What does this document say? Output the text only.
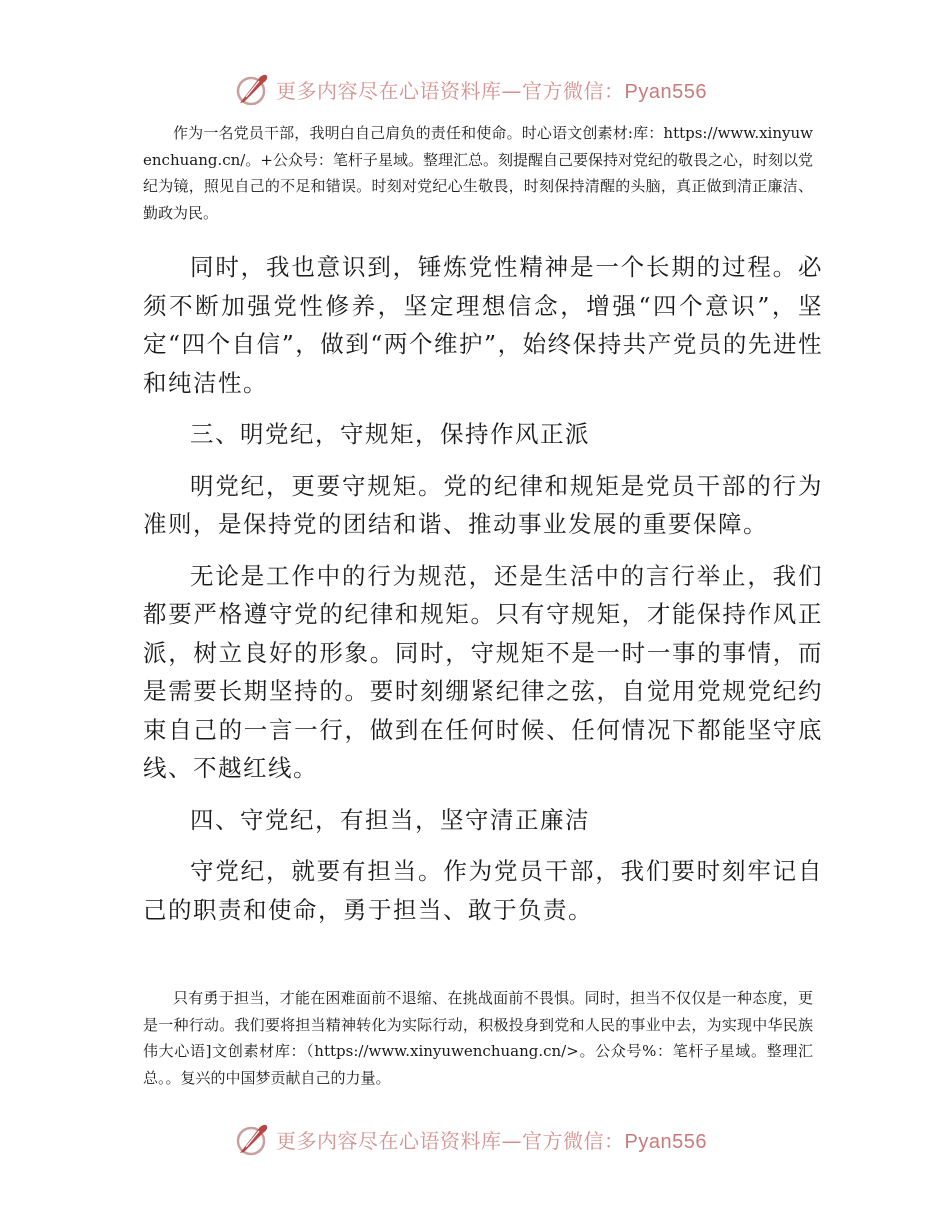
更多内容尽在心语资料库—官方微信：Pyan556

作为一名党员干部，我明白自己肩负的责任和使命。时心语文创素材:库：https://www.xinyuwenchuang.cn/。+公众号：笔杆子星域。整理汇总。刻提醒自己要保持对党纪的敬畏之心，时刻以党纪为镜，照见自己的不足和错误。时刻对党纪心生敬畏，时刻保持清醒的头脑，真正做到清正廉洁、勤政为民。

同时，我也意识到，锤炼党性精神是一个长期的过程。必须不断加强党性修养，坚定理想信念，增强“四个意识”，坚定“四个自信”，做到“两个维护”，始终保持共产党员的先进性和纯洁性。

三、明党纪，守规矩，保持作风正派

明党纪，更要守规矩。党的纪律和规矩是党员干部的行为准则，是保持党的团结和谐、推动事业发展的重要保障。

无论是工作中的行为规范，还是生活中的言行举止，我们都要严格遵守党的纪律和规矩。只有守规矩，才能保持作风正派，树立良好的形象。同时，守规矩不是一时一事的事情，而是需要长期坚持的。要时刻绷紧纪律之弦，自觉用党规党纪约束自己的一言一行，做到在任何时候、任何情况下都能坚守底线、不越红线。

四、守党纪，有担当，坚守清正廉洁

守党纪，就要有担当。作为党员干部，我们要时刻牢记自己的职责和使命，勇于担当、敢于负责。

只有勇于担当，才能在困难面前不退缩、在挑战面前不畏惧。同时，担当不仅仅是一种态度，更是一种行动。我们要将担当精神转化为实际行动，积极投身到党和人民的事业中去，为实现中华民族伟大心语]文创素材库：（https://www.xinyuwenchuang.cn/>。公众号%：笔杆子星域。整理汇总。。复兴的中国梦贡献自己的力量。

更多内容尽在心语资料库—官方微信：Pyan556
